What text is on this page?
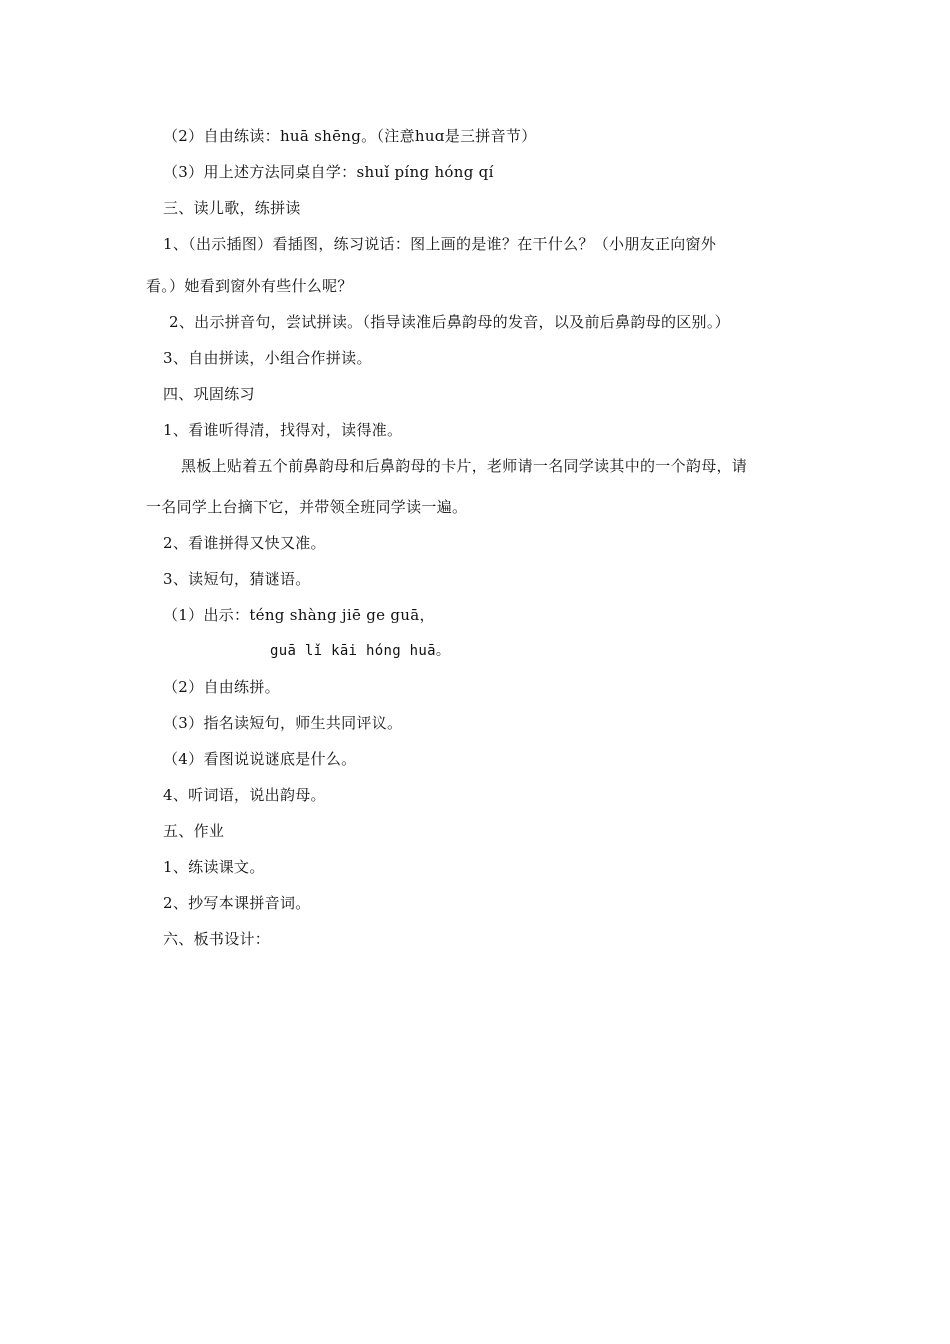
（2）自由练读：huā shēng。（注意huɑ是三拼音节）
（3）用上述方法同桌自学：shuǐ píng hóng qí
三、读儿歌，练拼读
1、（出示插图）看插图，练习说话：图上画的是谁？在干什么？（小朋友正向窗外
看。）她看到窗外有些什么呢？
2、出示拼音句，尝试拼读。（指导读准后鼻韵母的发音，以及前后鼻韵母的区别。）
3、自由拼读，小组合作拼读。
四、巩固练习
1、看谁听得清，找得对，读得准。
黑板上贴着五个前鼻韵母和后鼻韵母的卡片，老师请一名同学读其中的一个韵母，请
一名同学上台摘下它，并带领全班同学读一遍。
2、看谁拼得又快又准。
3、读短句，猜谜语。
（1）出示：téng shàng jiē ge guā，
guā lǐ kāi hóng huā。
（2）自由练拼。
（3）指名读短句，师生共同评议。
（4）看图说说谜底是什么。
4、听词语，说出韵母。
五、作业
1、练读课文。
2、抄写本课拼音词。
六、板书设计：
